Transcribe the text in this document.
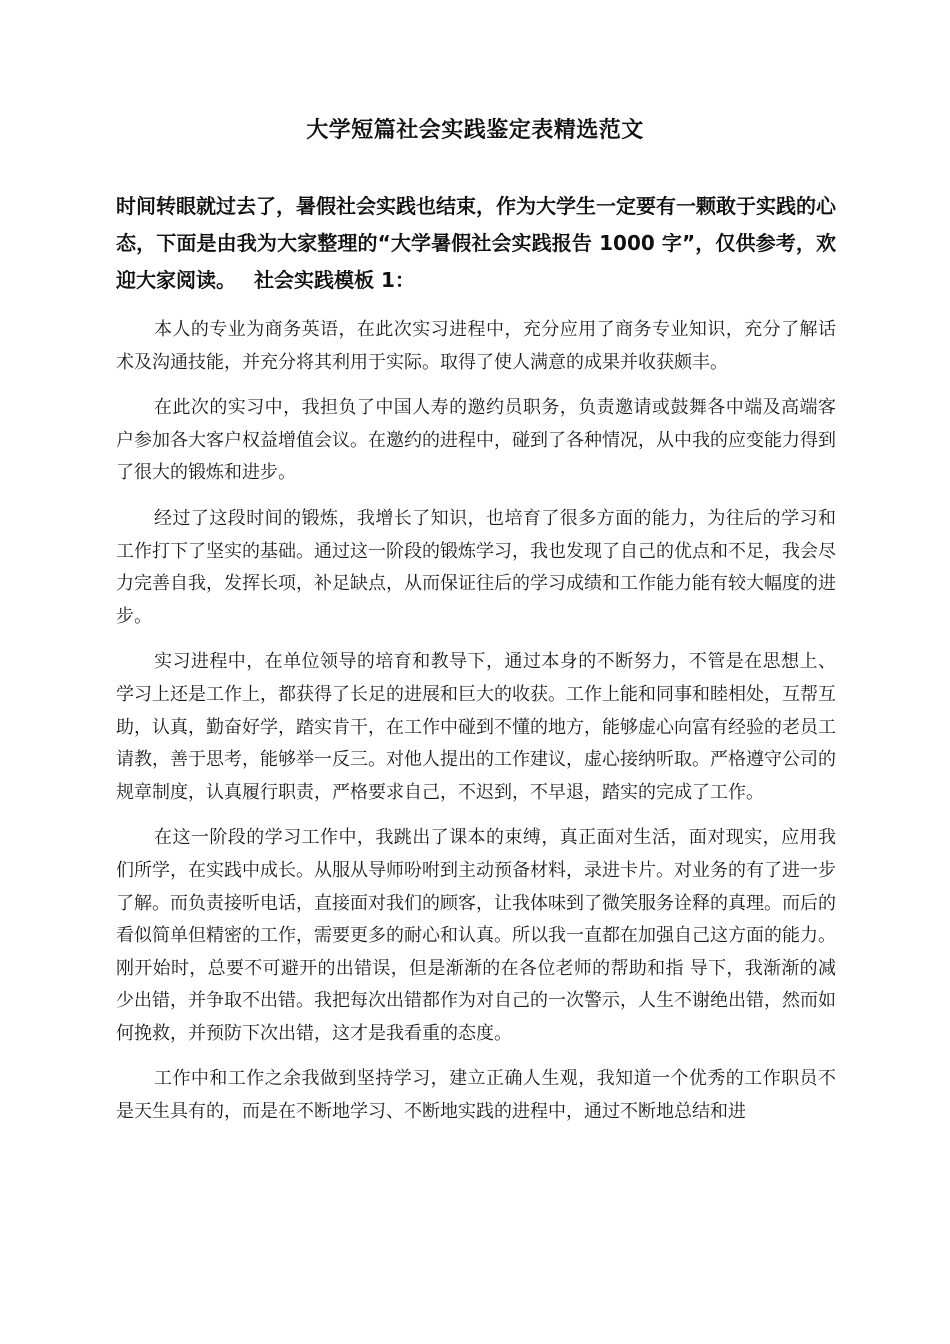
大学短篇社会实践鉴定表精选范文
时间转眼就过去了，暑假社会实践也结束，作为大学生一定要有一颗敢于实践的心态，下面是由我为大家整理的“大学暑假社会实践报告 1000 字”，仅供参考，欢迎大家阅读。 社会实践模板 1：

本人的专业为商务英语，在此次实习进程中，充分应用了商务专业知识，充分了解话术及沟通技能，并充分将其利用于实际。取得了使人满意的成果并收获颇丰。

在此次的实习中，我担负了中国人寿的邀约员职务，负责邀请或鼓舞各中端及高端客户参加各大客户权益增值会议。在邀约的进程中，碰到了各种情况，从中我的应变能力得到了很大的锻炼和进步。

经过了这段时间的锻炼，我增长了知识，也培育了很多方面的能力，为往后的学习和工作打下了坚实的基础。通过这一阶段的锻炼学习，我也发现了自己的优点和不足，我会尽力完善自我，发挥长项，补足缺点，从而保证往后的学习成绩和工作能力能有较大幅度的进步。

实习进程中，在单位领导的培育和教导下，通过本身的不断努力，不管是在思想上、学习上还是工作上，都获得了长足的进展和巨大的收获。工作上能和同事和睦相处，互帮互助，认真，勤奋好学，踏实肯干，在工作中碰到不懂的地方，能够虚心向富有经验的老员工请教，善于思考，能够举一反三。对他人提出的工作建议，虚心接纳听取。严格遵守公司的规章制度，认真履行职责，严格要求自己，不迟到，不早退，踏实的完成了工作。

在这一阶段的学习工作中，我跳出了课本的束缚，真正面对生活，面对现实，应用我们所学，在实践中成长。从服从导师吩咐到主动预备材料，录进卡片。对业务的有了进一步了解。而负责接听电话，直接面对我们的顾客，让我体味到了微笑服务诠释的真理。而后的看似简单但精密的工作，需要更多的耐心和认真。所以我一直都在加强自己这方面的能力。刚开始时，总要不可避开的出错误，但是渐渐的在各位老师的帮助和指 导下，我渐渐的减少出错，并争取不出错。我把每次出错都作为对自己的一次警示，人生不谢绝出错，然而如何挽救，并预防下次出错，这才是我看重的态度。

工作中和工作之余我做到坚持学习，建立正确人生观，我知道一个优秀的工作职员不是天生具有的，而是在不断地学习、不断地实践的进程中，通过不断地总结和进
